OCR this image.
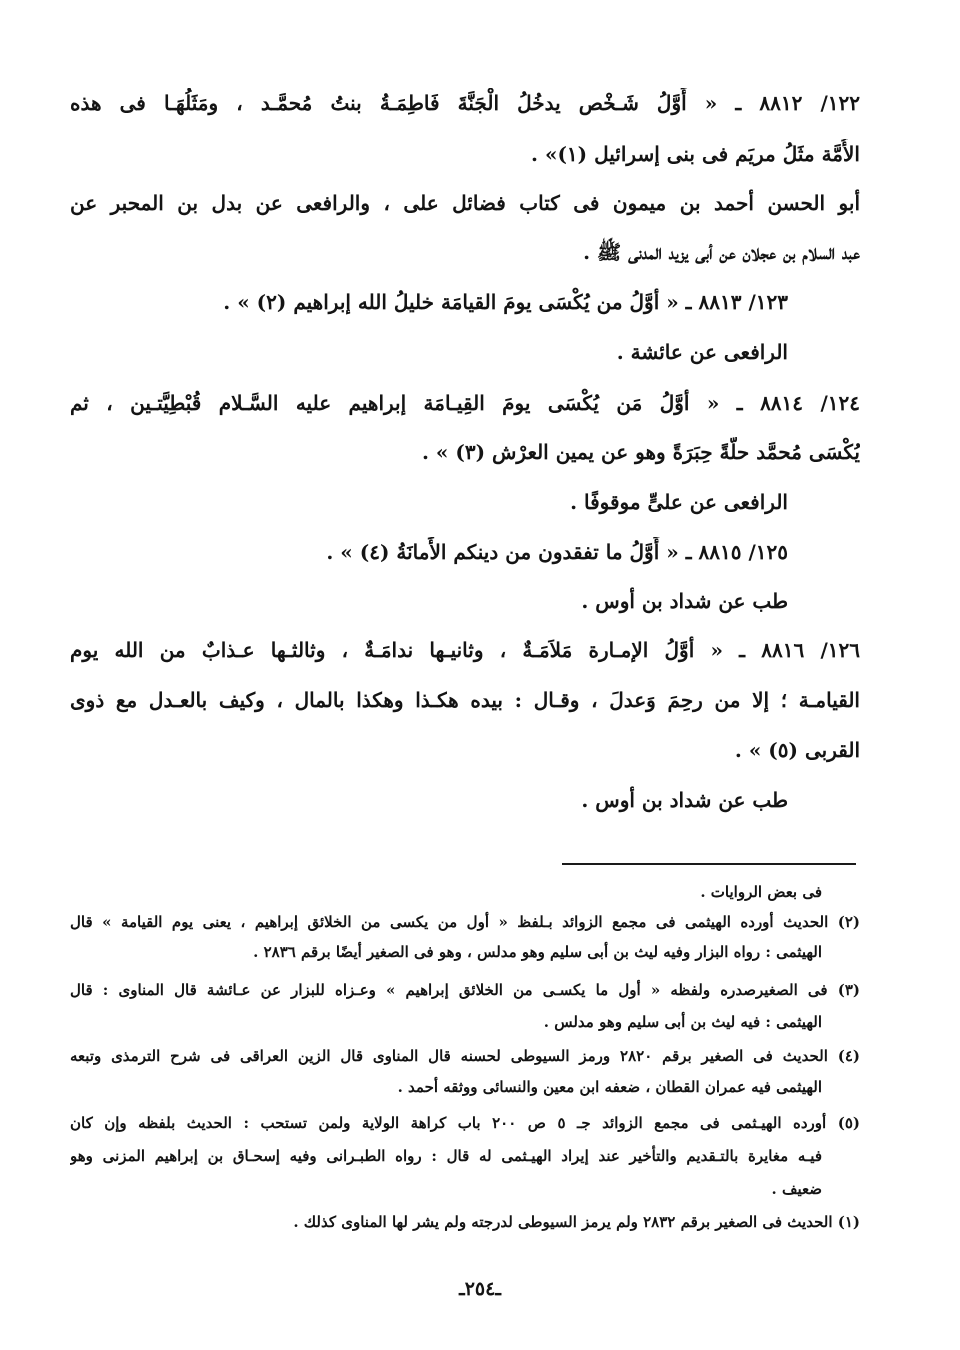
١٢٢/ ٨٨١٢ ـ « أَوَّلُ شَـخْص يدخُلُ الْجَنَّةَ فَاطِمَـةُ بنتُ مُحمَّـد ، ومَثَلُهَـا فى هذه
الأُمَّة مثَلُ مريَم فى بنى إسرائيل (١)» .
أبو الحسن أحمد بن ميمون فى كتاب فضائل على ، والرافعى عن بدل بن المحبر عن
عبد السلام بن عجلان عن أبى يزيد المدنى ﷺ .
١٢٣/ ٨٨١٣ ـ « أوَّلُ من يُكْسَى يومَ القيامَة خليلُ الله إبراهيم (٢) » .
الرافعى عن عائشة .
١٢٤/ ٨٨١٤ ـ « أوَّلُ مَن يُكْسَى يومَ القِيـامَة إبراهيم عليه السَّـلام قُبْطِيَّتـين ، ثم
يُكْسَى مُحمَّد حلَّةً حِبَرَةً وهو عن يمين العرْش (٣) » .
الرافعى عن علىٍّ موقوفًا .
١٢٥/ ٨٨١٥ ـ « أَوَّلُ ما تفقدون من دينكم الأَمانَةُ (٤) » .
طب عن شداد بن أوس .
١٢٦/ ٨٨١٦ ـ « أوَّلُ الإمـارة مَلاَمَـةٌ ، وثانيـها ندامَـةٌ ، وثالثـها عـذابٌ من الله يوم
القيامـة ؛ إلا من رحِمَ وَعدلَ ، وقـال : بيده هكـذا وهكذا بالمال ، وكيف بالعـدل مع ذوى
القربى (٥) » .
طب عن شداد بن أوس .
فى بعض الروايات .
(٢) الحديث أورده الهيثمى فى مجمع الزوائد بـلفظ « أول من يكسى من الخلائق إبراهيم ، يعنى يوم القيامة » قال
الهيثمى : رواه البزار وفيه ليث بن أبى سليم وهو مدلس ، وهو فى الصغير أيضًا برقم ٢٨٣٦ .
(٣) فى الصغيرصدره ولفظه « أول ما يكسـى من الخلائق إبراهيم » وعـزاه للبزار عن عـائشة قال المناوى : قال
الهيثمى : فيه ليث بن أبى سليم وهو مدلس .
(٤) الحديث فى الصغير برقم ٢٨٢٠ ورمز السيوطى لحسنه قال المناوى قال الزين العراقى فى شرح الترمذى وتبعه
الهيثمى فيه عمران القطان ، ضعفه ابن معين والنسائى ووثقه أحمد .
(٥) أورده الهيـثمى فى مجمع الزوائد جـ ٥ ص ٢٠٠ باب كراهة الولاية ولمن تستحب : الحديث بلفظه وإن كان
فيـه مغايرة بالتـقديم والتأخير عند إيراد الهيـثمى له قال : رواه الطبـرانى وفيه إسحـاق بن إبراهيم المزنى وهو
ضعيف .
(١) الحديث فى الصغير برقم ٢٨٣٢ ولم يرمز السيوطى لدرجته ولم يشر لها المناوى كذلك .
ـ٢٥٤ـ
